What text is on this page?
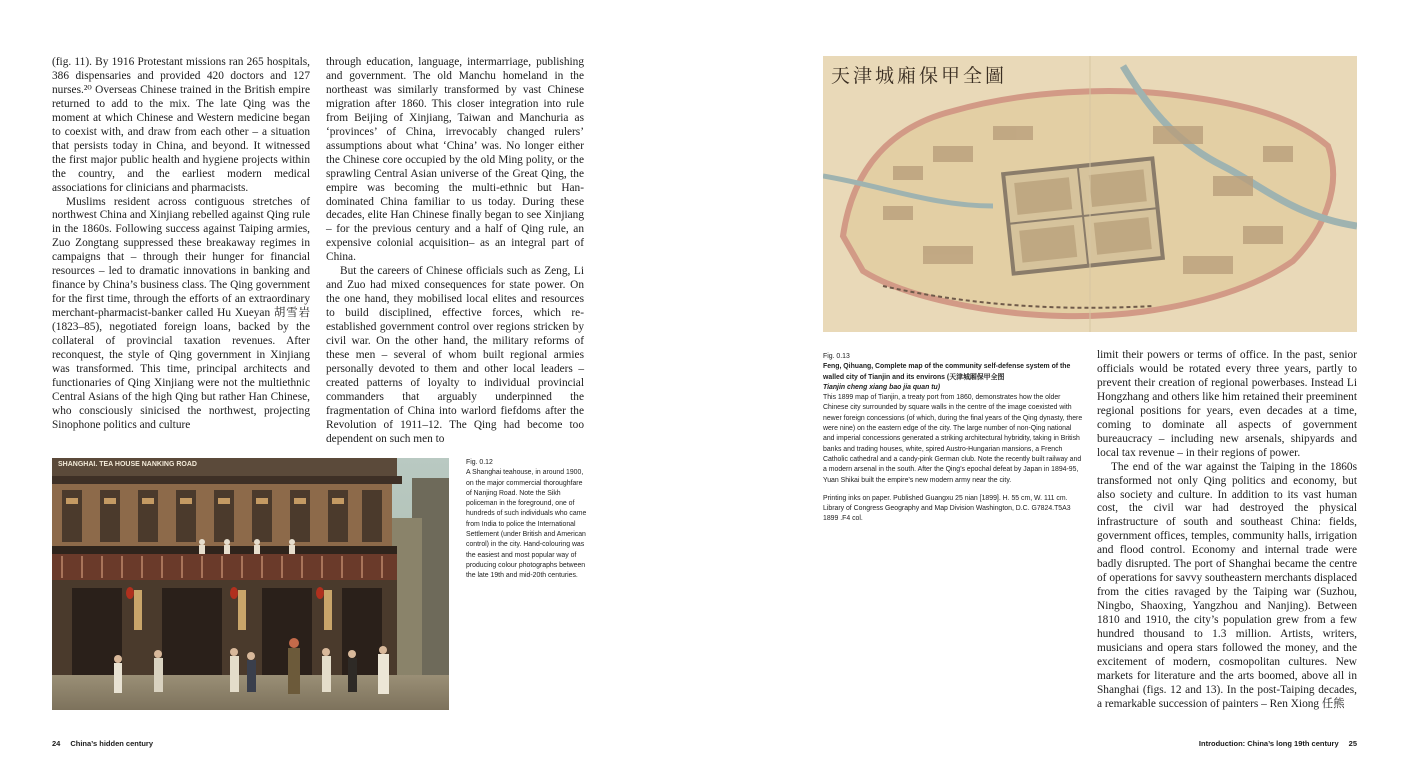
(fig. 11). By 1916 Protestant missions ran 265 hospitals, 386 dispensaries and provided 420 doctors and 127 nurses.²⁰ Overseas Chinese trained in the British empire returned to add to the mix. The late Qing was the moment at which Chinese and Western medicine began to coexist with, and draw from each other – a situation that persists today in China, and beyond. It witnessed the first major public health and hygiene projects within the country, and the earliest modern medical associations for clinicians and pharmacists.

Muslims resident across contiguous stretches of northwest China and Xinjiang rebelled against Qing rule in the 1860s. Following success against Taiping armies, Zuo Zongtang suppressed these breakaway regimes in campaigns that – through their hunger for financial resources – led to dramatic innovations in banking and finance by China’s business class. The Qing government for the first time, through the efforts of an extraordinary merchant-pharmacist-banker called Hu Xueyan 胡雪岩 (1823–85), negotiated foreign loans, backed by the collateral of provincial taxation revenues. After reconquest, the style of Qing government in Xinjiang was transformed. This time, principal architects and functionaries of Qing Xinjiang were not the multiethnic Central Asians of the high Qing but rather Han Chinese, who consciously sinicised the northwest, projecting Sinophone politics and culture

through education, language, intermarriage, publishing and government. The old Manchu homeland in the northeast was similarly transformed by vast Chinese migration after 1860. This closer integration into rule from Beijing of Xinjiang, Taiwan and Manchuria as ‘provinces’ of China, irrevocably changed rulers’ assumptions about what ‘China’ was. No longer either the Chinese core occupied by the old Ming polity, or the sprawling Central Asian universe of the Great Qing, the empire was becoming the multi-ethnic but Han-dominated China familiar to us today. During these decades, elite Han Chinese finally began to see Xinjiang – for the previous century and a half of Qing rule, an expensive colonial acquisition– as an integral part of China.

But the careers of Chinese officials such as Zeng, Li and Zuo had mixed consequences for state power. On the one hand, they mobilised local elites and resources to build disciplined, effective forces, which re-established government control over regions stricken by civil war. On the other hand, the military reforms of these men – several of whom built regional armies personally devoted to them and other local leaders – created patterns of loyalty to individual provincial commanders that arguably underpinned the fragmentation of China into warlord fiefdoms after the Revolution of 1911–12. The Qing had become too dependent on such men to

SHANGHAI. TEA HOUSE NANKING ROAD	Fig. 0.12

A Shanghai teahouse, in around 1900, on the major commercial thoroughfare of Nanjing Road. Note the Sikh policeman in the foreground, one of hundreds of such individuals who came from India to police the International Settlement (under British and American control) in the city. Hand-colouring was the easiest and most popular way of producing colour photographs between the late 19th and mid-20th centuries.

24 China’s hidden century
天津城廂保甲全圖

Fig. 0.13

Feng, Qihuang, Complete map of the community self-defense system of the walled city of Tianjin and its environs (天津城厢保甲全图

Tianjin cheng xiang bao jia quan tu)

This 1899 map of Tianjin, a treaty port from 1860, demonstrates how the older Chinese city surrounded by square walls in the centre of the image coexisted with newer foreign concessions (of which, during the final years of the Qing dynasty, there were nine) on the eastern edge of the city. The large number of non-Qing national and imperial concessions generated a striking architectural hybridity, taking in British banks and trading houses, white, spired Austro-Hungarian mansions, a French Catholic cathedral and a candy-pink German club. Note the recently built railway and a modern arsenal in the south. After the Qing’s epochal defeat by Japan in 1894-95, Yuan Shikai built the empire’s new modern army near the city.

Printing inks on paper. Published Guangxu 25 nian [1899]. H. 55 cm, W. 111 cm. Library of Congress Geography and Map Division Washington, D.C. G7824.T5A3 1899 .F4 col.

limit their powers or terms of office. In the past, senior officials would be rotated every three years, partly to prevent their creation of regional powerbases. Instead Li Hongzhang and others like him retained their preeminent regional positions for years, even decades at a time, coming to dominate all aspects of government bureaucracy – including new arsenals, shipyards and local tax revenue – in their regions of power.

The end of the war against the Taiping in the 1860s transformed not only Qing politics and economy, but also society and culture. In addition to its vast human cost, the civil war had destroyed the physical infrastructure of south and southeast China: fields, government offices, temples, community halls, irrigation and flood control. Economy and internal trade were badly disrupted. The port of Shanghai became the centre of operations for savvy southeastern merchants displaced from the cities ravaged by the Taiping war (Suzhou, Ningbo, Shaoxing, Yangzhou and Nanjing). Between 1810 and 1910, the city’s population grew from a few hundred thousand to 1.3 million. Artists, writers, musicians and opera stars followed the money, and the excitement of modern, cosmopolitan cultures. New markets for literature and the arts boomed, above all in Shanghai (figs. 12 and 13). In the post-Taiping decades, a remarkable succession of painters – Ren Xiong 任熊

Introduction: China’s long 19th century 25
